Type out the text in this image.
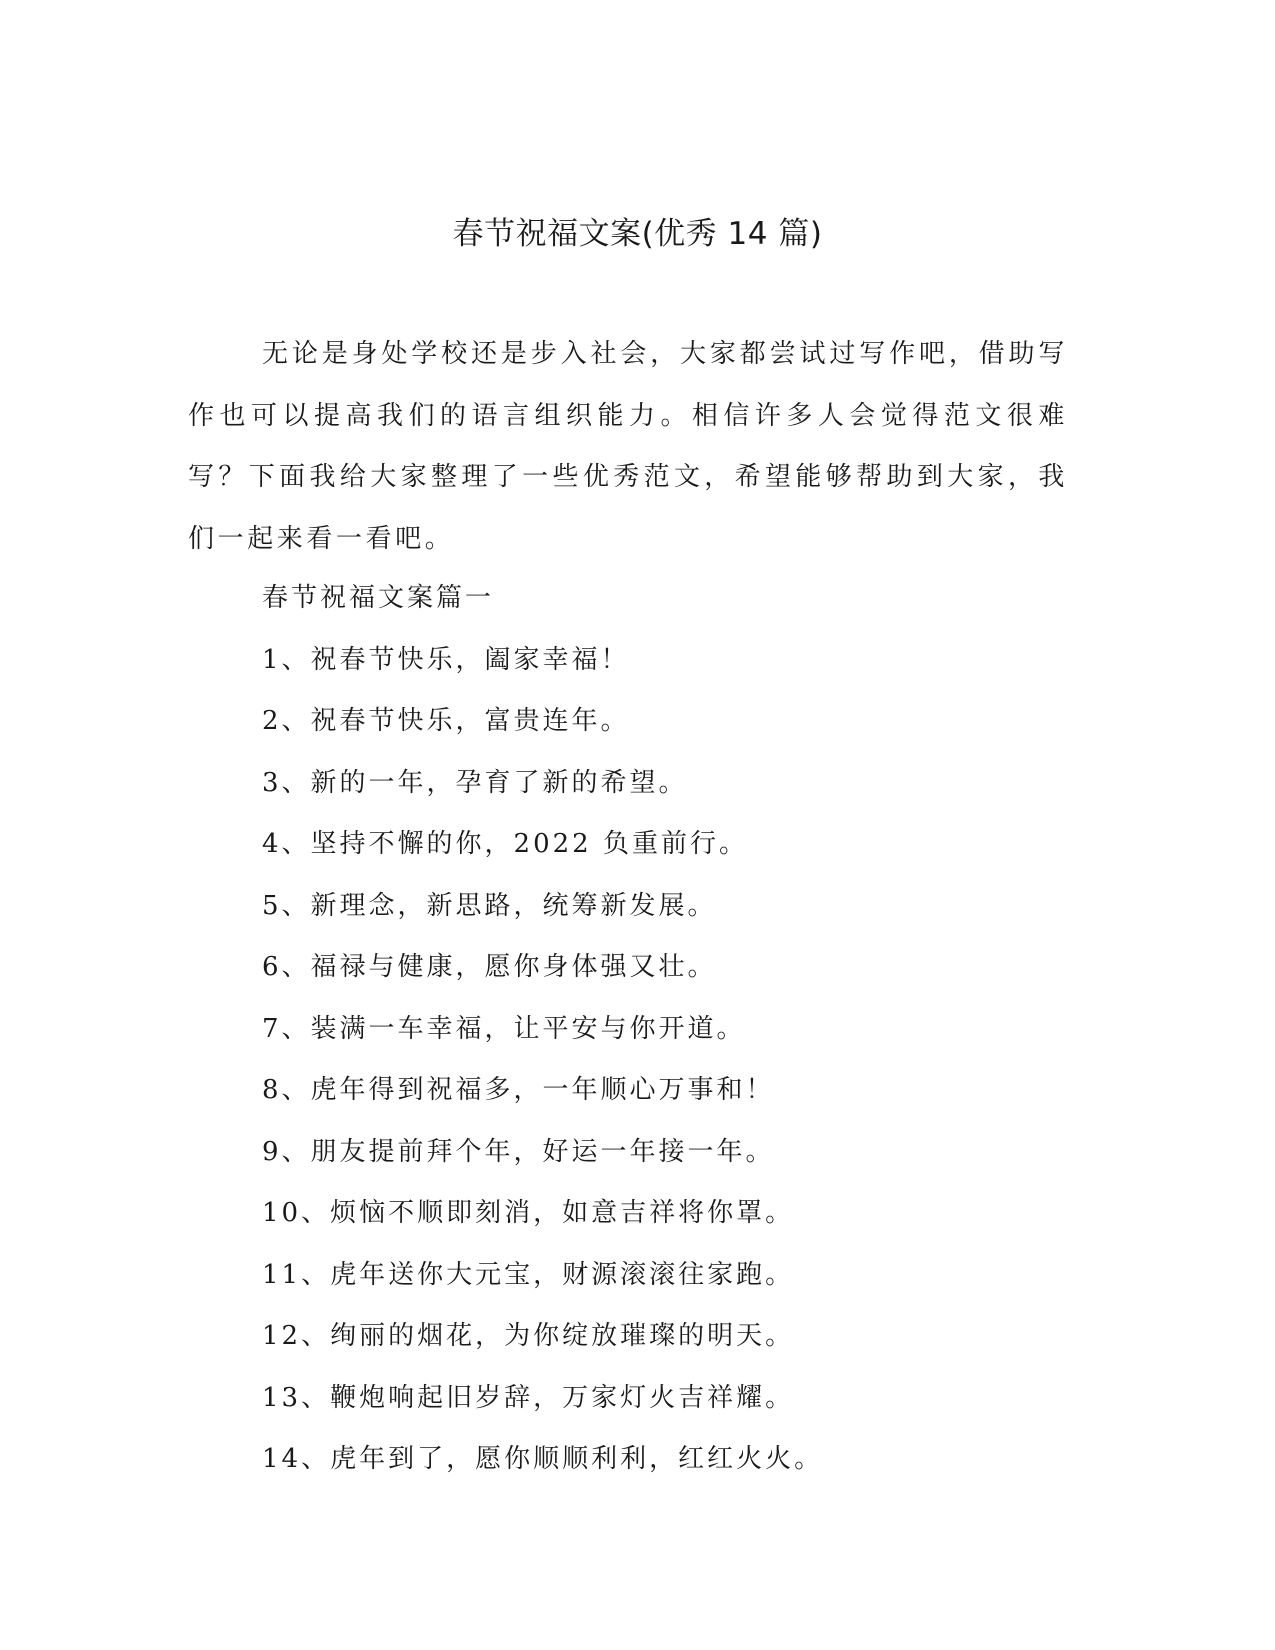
春节祝福文案(优秀 14 篇)

无论是身处学校还是步入社会，大家都尝试过写作吧，借助写作也可以提高我们的语言组织能力。相信许多人会觉得范文很难写？下面我给大家整理了一些优秀范文，希望能够帮助到大家，我们一起来看一看吧。

春节祝福文案篇一
1、祝春节快乐，阖家幸福！
2、祝春节快乐，富贵连年。
3、新的一年，孕育了新的希望。
4、坚持不懈的你，2022 负重前行。
5、新理念，新思路，统筹新发展。
6、福禄与健康，愿你身体强又壮。
7、装满一车幸福，让平安与你开道。
8、虎年得到祝福多，一年顺心万事和！
9、朋友提前拜个年，好运一年接一年。
10、烦恼不顺即刻消，如意吉祥将你罩。
11、虎年送你大元宝，财源滚滚往家跑。
12、绚丽的烟花，为你绽放璀璨的明天。
13、鞭炮响起旧岁辞，万家灯火吉祥耀。
14、虎年到了，愿你顺顺利利，红红火火。
